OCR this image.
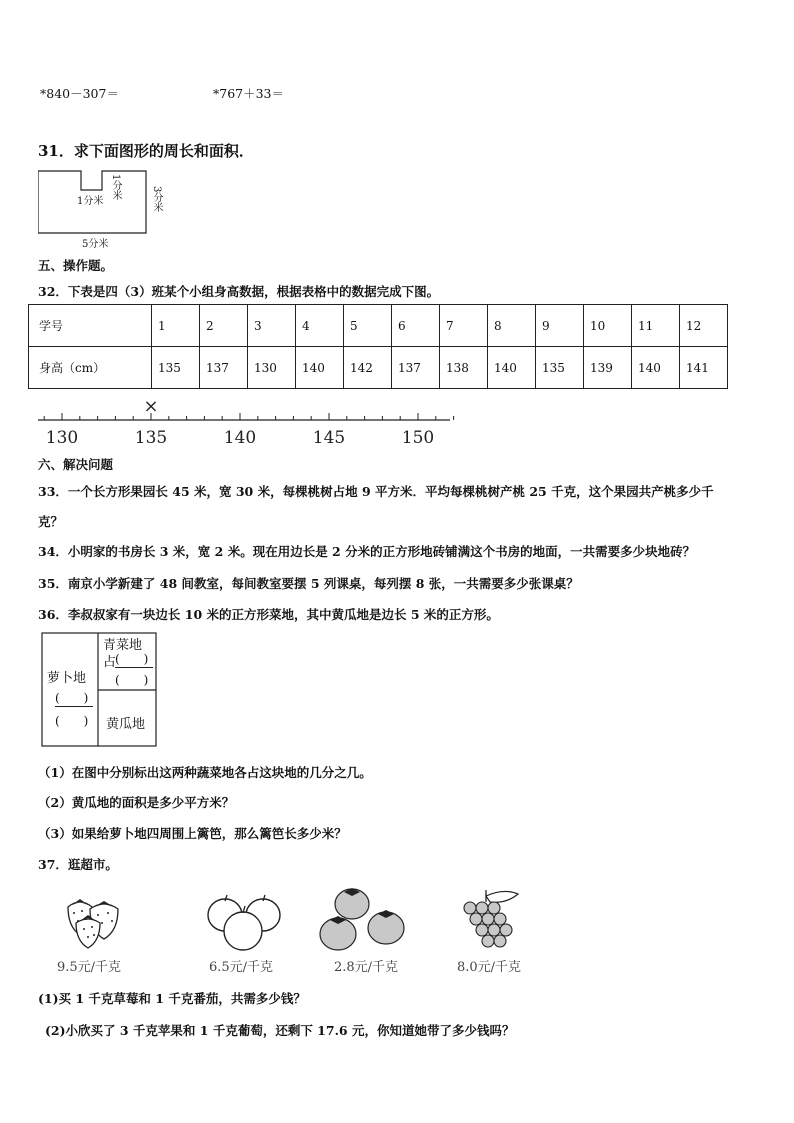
*840－307＝	*767＋33＝
31．求下面图形的周长和面积．
1分米
1分米	3分米
5分米
五、操作题。
32．下表是四（3）班某个小组身高数据，根据表格中的数据完成下图。
学号	1	2	3	4	5	6	7	8	9	10	11	12
身高（cm）	135	137	130	140	142	137	138	140	135	139	140	141
130	135	140	145	150
×
六、解决问题
33．一个长方形果园长 45 米，宽 30 米，每棵桃树占地 9 平方米．平均每棵桃树产桃 25 千克，这个果园共产桃多少千
克？
34．小明家的书房长 3 米，宽 2 米。现在用边长是 2 分米的正方形地砖铺满这个书房的地面，一共需要多少块地砖？
35．南京小学新建了 48 间教室，每间教室要摆 5 列课桌，每列摆 8 张，一共需要多少张课桌？
36．李叔叔家有一块边长 10 米的正方形菜地，其中黄瓜地是边长 5 米的正方形。
萝卜地
(　　)
(　　)
青菜地
占
(　　)
(　　)
黄瓜地
（1）在图中分别标出这两种蔬菜地各占这块地的几分之几。
（2）黄瓜地的面积是多少平方米？
（3）如果给萝卜地四周围上篱笆，那么篱笆长多少米？
37．逛超市。
9.5元/千克	6.5元/千克	2.8元/千克	8.0元/千克
(1)买 1 千克草莓和 1 千克番茄，共需多少钱？
(2)小欣买了 3 千克苹果和 1 千克葡萄，还剩下 17.6 元，你知道她带了多少钱吗？
